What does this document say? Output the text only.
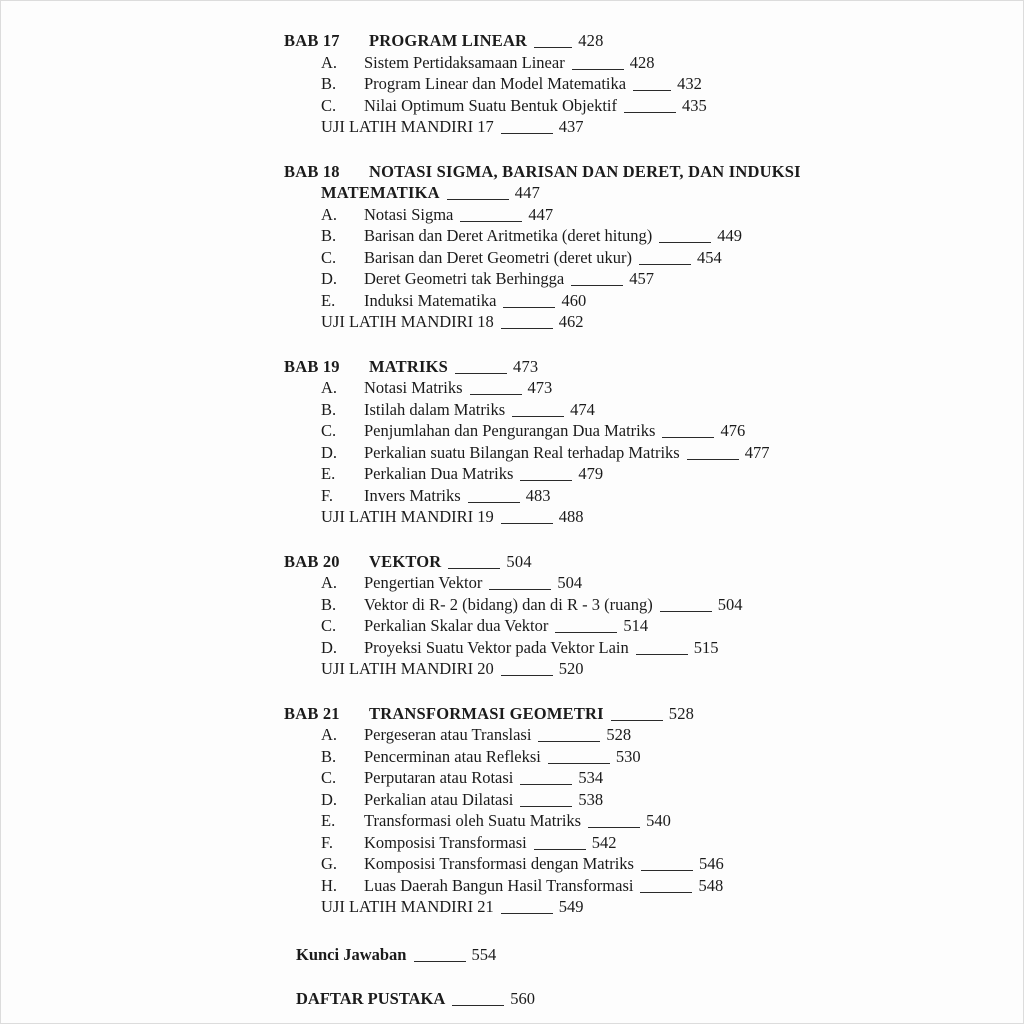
BAB 17 PROGRAM LINEAR	428
A. Sistem Pertidaksamaan Linear	428
B. Program Linear dan Model Matematika	432
C. Nilai Optimum Suatu Bentuk Objektif	435
UJI LATIH MANDIRI 17	437
BAB 18 NOTASI SIGMA, BARISAN DAN DERET, DAN INDUKSI
MATEMATIKA	447
A. Notasi Sigma	447
B. Barisan dan Deret Aritmetika (deret hitung)	449
C. Barisan dan Deret Geometri (deret ukur)	454
D. Deret Geometri tak Berhingga	457
E. Induksi Matematika	460
UJI LATIH MANDIRI 18	462
BAB 19 MATRIKS	473
A. Notasi Matriks	473
B. Istilah dalam Matriks	474
C. Penjumlahan dan Pengurangan Dua Matriks	476
D. Perkalian suatu Bilangan Real terhadap Matriks	477
E. Perkalian Dua Matriks	479
F. Invers Matriks	483
UJI LATIH MANDIRI 19	488
BAB 20 VEKTOR	504
A. Pengertian Vektor	504
B. Vektor di R- 2 (bidang) dan di R - 3 (ruang)	504
C. Perkalian Skalar dua Vektor	514
D. Proyeksi Suatu Vektor pada Vektor Lain	515
UJI LATIH MANDIRI 20	520
BAB 21 TRANSFORMASI GEOMETRI	528
A. Pergeseran atau Translasi	528
B. Pencerminan atau Refleksi	530
C. Perputaran atau Rotasi	534
D. Perkalian atau Dilatasi	538
E. Transformasi oleh Suatu Matriks	540
F. Komposisi Transformasi	542
G. Komposisi Transformasi dengan Matriks	546
H. Luas Daerah Bangun Hasil Transformasi	548
UJI LATIH MANDIRI 21	549
Kunci Jawaban	554
DAFTAR PUSTAKA	560
